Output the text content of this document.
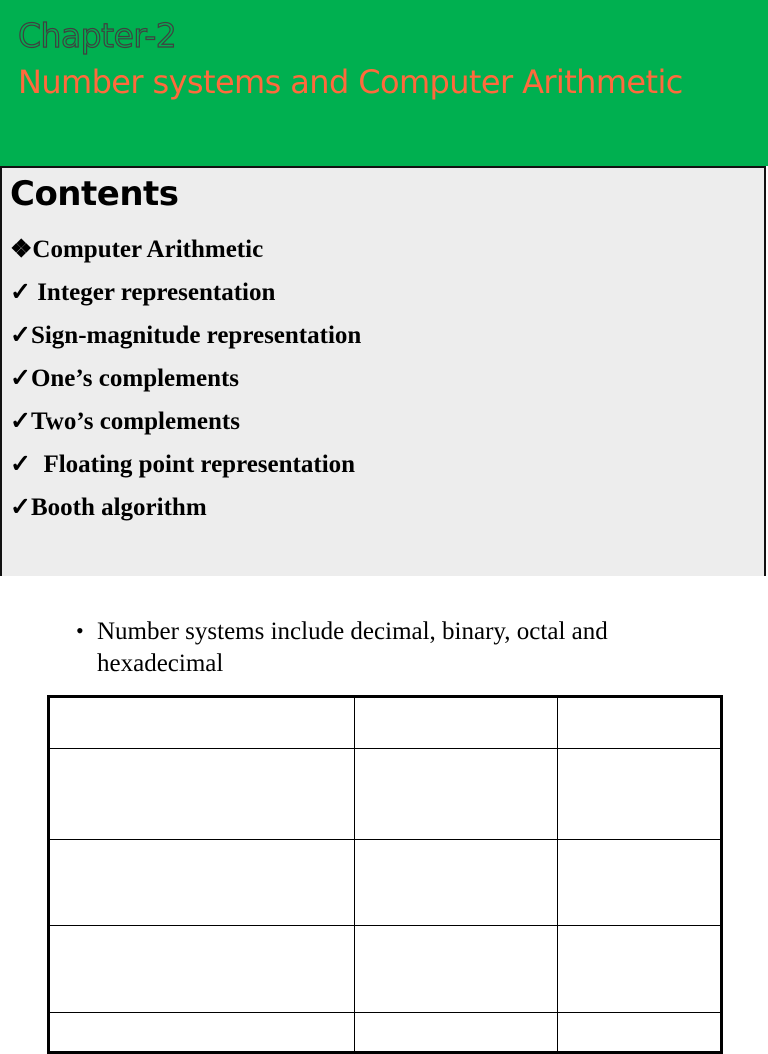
Chapter-2
Number systems and Computer Arithmetic
Contents
❖Computer Arithmetic
✓ Integer representation
✓Sign-magnitude representation
✓One’s complements
✓Two’s complements
✓  Floating point representation
✓Booth algorithm
• Number systems include decimal, binary, octal and hexadecimal
